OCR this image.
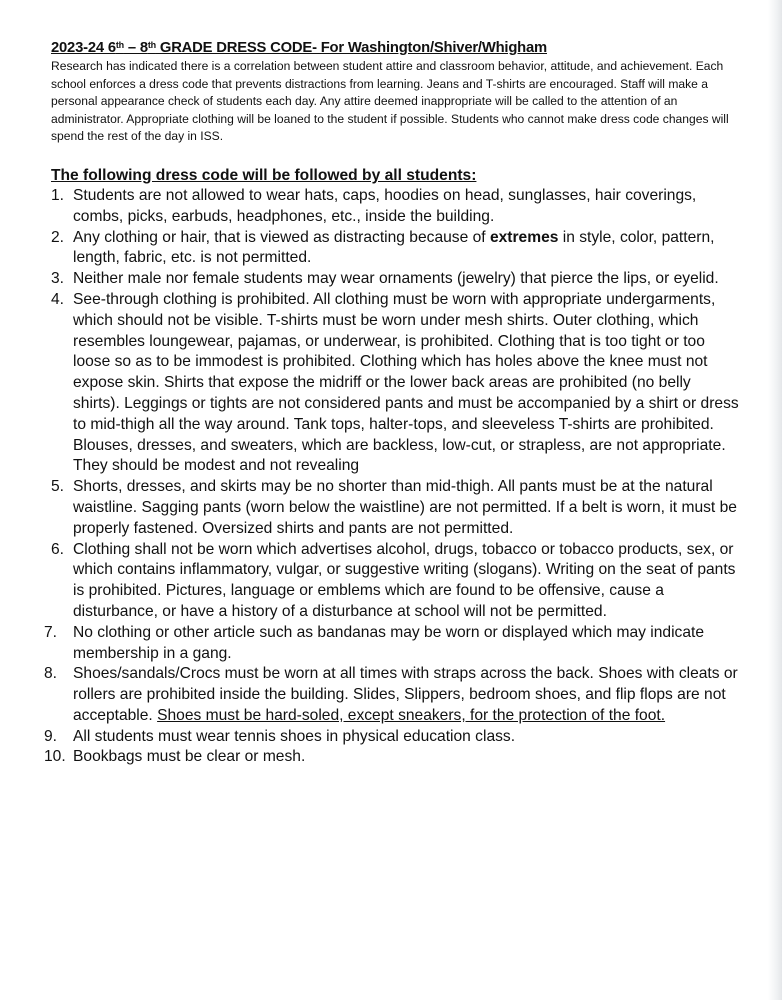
2023-24 6th – 8th GRADE DRESS CODE- For Washington/Shiver/Whigham
Research has indicated there is a correlation between student attire and classroom behavior, attitude, and achievement. Each school enforces a dress code that prevents distractions from learning. Jeans and T-shirts are encouraged. Staff will make a personal appearance check of students each day. Any attire deemed inappropriate will be called to the attention of an administrator. Appropriate clothing will be loaned to the student if possible. Students who cannot make dress code changes will spend the rest of the day in ISS.
The following dress code will be followed by all students:
1. Students are not allowed to wear hats, caps, hoodies on head, sunglasses, hair coverings, combs, picks, earbuds, headphones, etc., inside the building.
2. Any clothing or hair, that is viewed as distracting because of extremes in style, color, pattern, length, fabric, etc. is not permitted.
3. Neither male nor female students may wear ornaments (jewelry) that pierce the lips, or eyelid.
4. See-through clothing is prohibited. All clothing must be worn with appropriate undergarments, which should not be visible. T-shirts must be worn under mesh shirts. Outer clothing, which resembles loungewear, pajamas, or underwear, is prohibited. Clothing that is too tight or too loose so as to be immodest is prohibited. Clothing which has holes above the knee must not expose skin. Shirts that expose the midriff or the lower back areas are prohibited (no belly shirts). Leggings or tights are not considered pants and must be accompanied by a shirt or dress to mid-thigh all the way around. Tank tops, halter-tops, and sleeveless T-shirts are prohibited. Blouses, dresses, and sweaters, which are backless, low-cut, or strapless, are not appropriate. They should be modest and not revealing
5. Shorts, dresses, and skirts may be no shorter than mid-thigh. All pants must be at the natural waistline. Sagging pants (worn below the waistline) are not permitted. If a belt is worn, it must be properly fastened. Oversized shirts and pants are not permitted.
6. Clothing shall not be worn which advertises alcohol, drugs, tobacco or tobacco products, sex, or which contains inflammatory, vulgar, or suggestive writing (slogans). Writing on the seat of pants is prohibited. Pictures, language or emblems which are found to be offensive, cause a disturbance, or have a history of a disturbance at school will not be permitted.
7. No clothing or other article such as bandanas may be worn or displayed which may indicate membership in a gang.
8. Shoes/sandals/Crocs must be worn at all times with straps across the back. Shoes with cleats or rollers are prohibited inside the building. Slides, Slippers, bedroom shoes, and flip flops are not acceptable. Shoes must be hard-soled, except sneakers, for the protection of the foot.
9. All students must wear tennis shoes in physical education class.
10. Bookbags must be clear or mesh.
